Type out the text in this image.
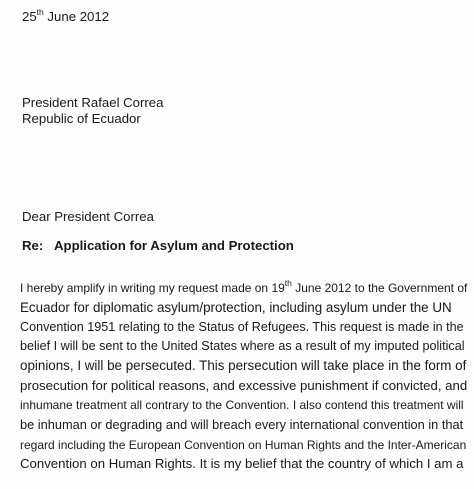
25th June 2012
President Rafael Correa
Republic of Ecuador
Dear President Correa
Re: Application for Asylum and Protection
I hereby amplify in writing my request made on 19th June 2012 to the Government of
Ecuador for diplomatic asylum/protection, including asylum under the UN
Convention 1951 relating to the Status of Refugees. This request is made in the
belief I will be sent to the United States where as a result of my imputed political
opinions, I will be persecuted. This persecution will take place in the form of
prosecution for political reasons, and excessive punishment if convicted, and
inhumane treatment all contrary to the Convention. I also contend this treatment will
be inhuman or degrading and will breach every international convention in that
regard including the European Convention on Human Rights and the Inter-American
Convention on Human Rights. It is my belief that the country of which I am a
